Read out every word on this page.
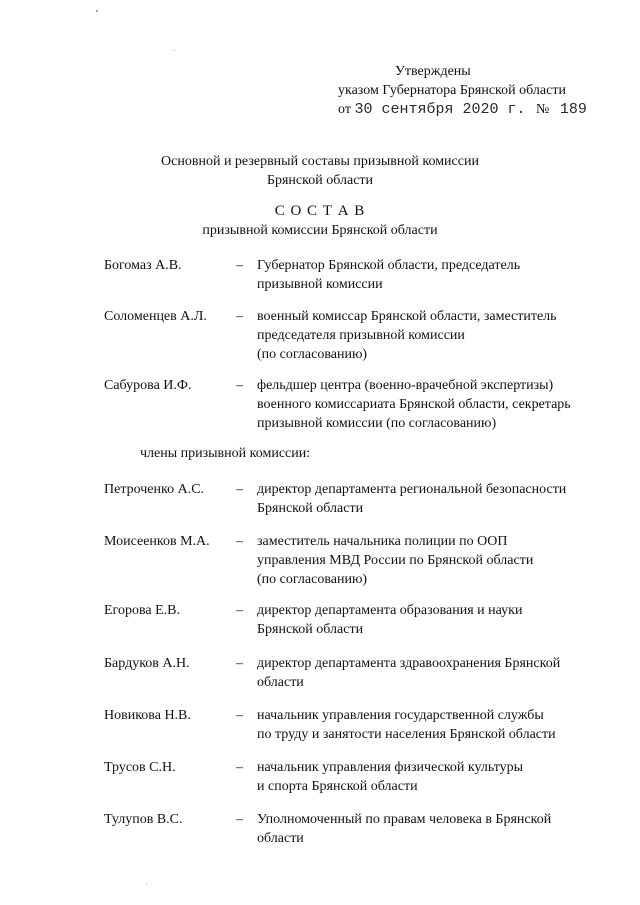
Утверждены
указом Губернатора Брянской области
от 30 сентября 2020 г. № 189
Основной и резервный составы призывной комиссии
Брянской области
С О С Т А В
призывной комиссии Брянской области
Богомаз А.В.	– Губернатор Брянской области, председатель
призывной комиссии
Соломенцев А.Л. – военный комиссар Брянской области, заместитель
председателя призывной комиссии
(по согласованию)
Сабурова И.Ф.	– фельдшер центра (военно-врачебной экспертизы)
военного комиссариата Брянской области, секретарь
призывной комиссии (по согласованию)
члены призывной комиссии:
Петроченко А.С. – директор департамента региональной безопасности
Брянской области
Моисеенков М.А. – заместитель начальника полиции по ООП
управления МВД России по Брянской области
(по согласованию)
Егорова Е.В.	– директор департамента образования и науки
Брянской области
Бардуков А.Н.	– директор департамента здравоохранения Брянской
области
Новикова Н.В.	– начальник управления государственной службы
по труду и занятости населения Брянской области
Трусов С.Н.	– начальник управления физической культуры
и спорта Брянской области
Тулупов В.С.	– Уполномоченный по правам человека в Брянской
области
